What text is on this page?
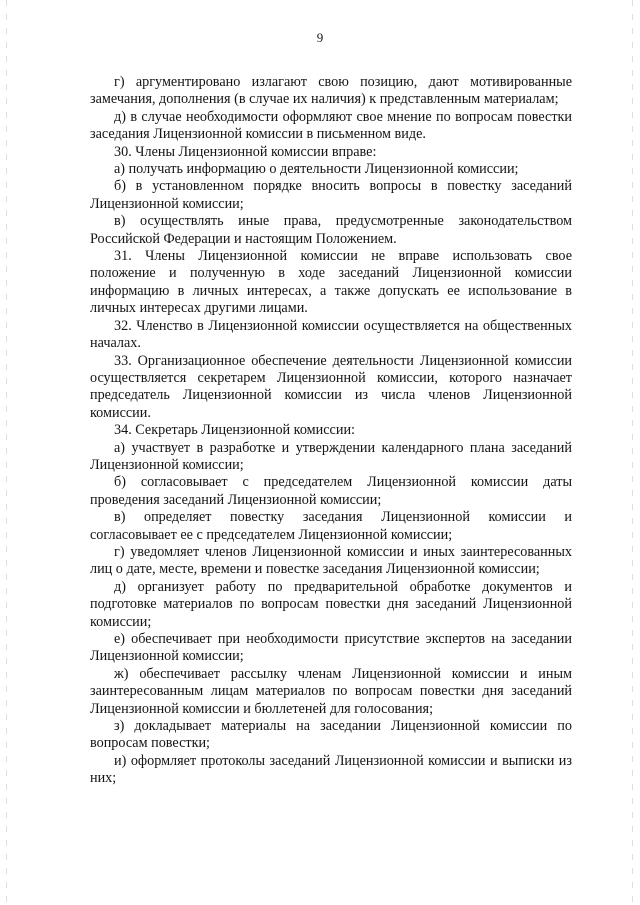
9

г) аргументировано излагают свою позицию, дают мотивированные замечания, дополнения (в случае их наличия) к представленным материалам;

д) в случае необходимости оформляют свое мнение по вопросам повестки заседания Лицензионной комиссии в письменном виде.

30. Члены Лицензионной комиссии вправе:

а) получать информацию о деятельности Лицензионной комиссии;

б) в установленном порядке вносить вопросы в повестку заседаний Лицензионной комиссии;

в) осуществлять иные права, предусмотренные законодательством Российской Федерации и настоящим Положением.

31. Члены Лицензионной комиссии не вправе использовать свое положение и полученную в ходе заседаний Лицензионной комиссии информацию в личных интересах, а также допускать ее использование в личных интересах другими лицами.

32. Членство в Лицензионной комиссии осуществляется на общественных началах.

33. Организационное обеспечение деятельности Лицензионной комиссии осуществляется секретарем Лицензионной комиссии, которого назначает председатель Лицензионной комиссии из числа членов Лицензионной комиссии.

34. Секретарь Лицензионной комиссии:

а) участвует в разработке и утверждении календарного плана заседаний Лицензионной комиссии;

б) согласовывает с председателем Лицензионной комиссии даты проведения заседаний Лицензионной комиссии;

в) определяет повестку заседания Лицензионной комиссии и согласовывает ее с председателем Лицензионной комиссии;

г) уведомляет членов Лицензионной комиссии и иных заинтересованных лиц о дате, месте, времени и повестке заседания Лицензионной комиссии;

д) организует работу по предварительной обработке документов и подготовке материалов по вопросам повестки дня заседаний Лицензионной комиссии;

е) обеспечивает при необходимости присутствие экспертов на заседании Лицензионной комиссии;

ж) обеспечивает рассылку членам Лицензионной комиссии и иным заинтересованным лицам материалов по вопросам повестки дня заседаний Лицензионной комиссии и бюллетеней для голосования;

з) докладывает материалы на заседании Лицензионной комиссии по вопросам повестки;

и) оформляет протоколы заседаний Лицензионной комиссии и выписки из них;
